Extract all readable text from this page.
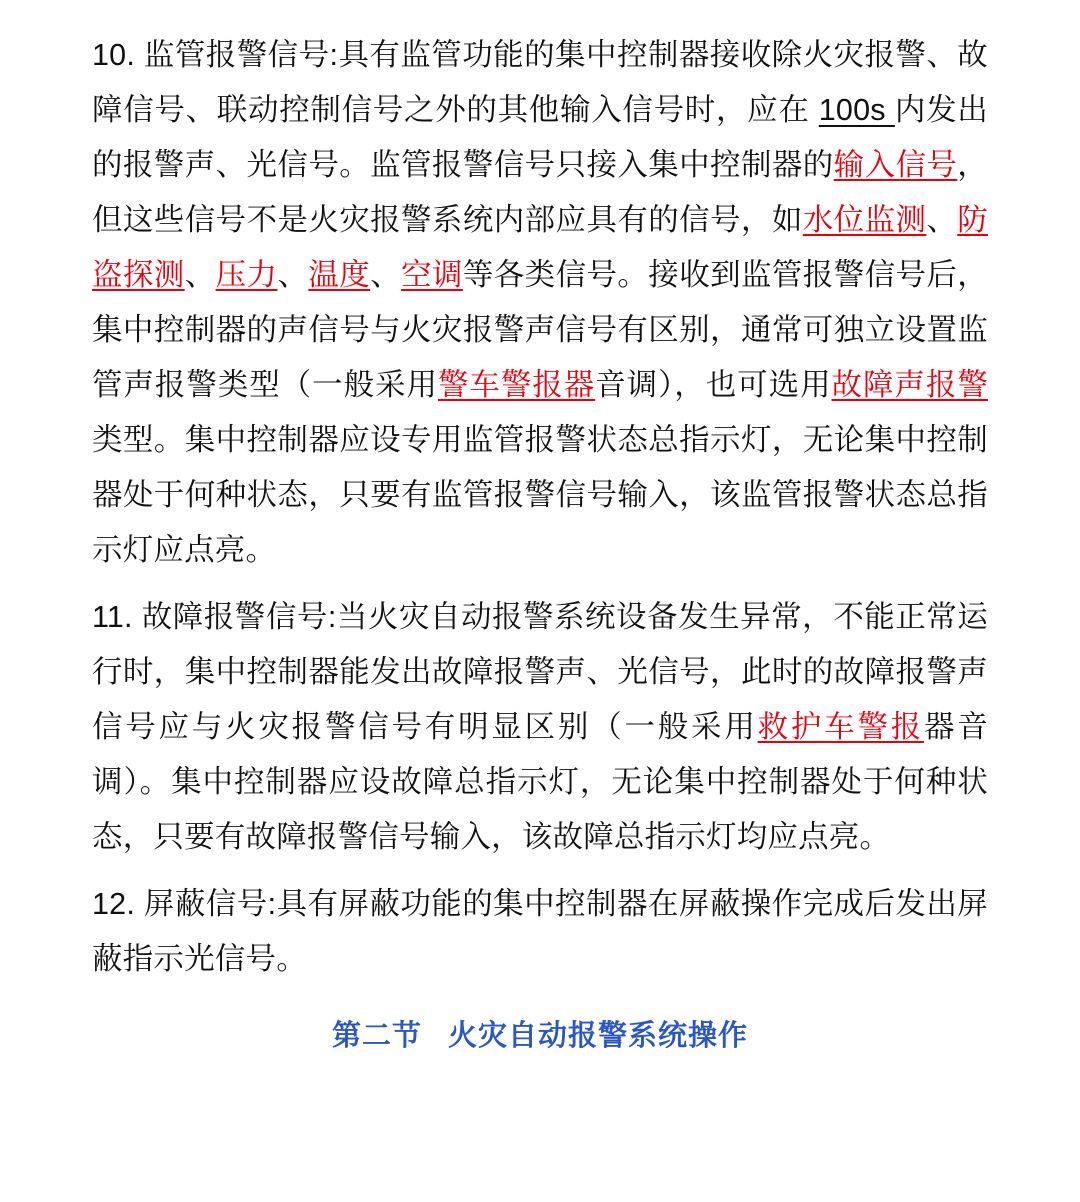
10. 监管报警信号:具有监管功能的集中控制器接收除火灾报警、故障信号、联动控制信号之外的其他输入信号时，应在 100s 内发出的报警声、光信号。监管报警信号只接入集中控制器的输入信号，但这些信号不是火灾报警系统内部应具有的信号，如水位监测、防盗探测、压力、温度、空调等各类信号。接收到监管报警信号后，集中控制器的声信号与火灾报警声信号有区别，通常可独立设置监管声报警类型（一般采用警车警报器音调），也可选用故障声报警类型。集中控制器应设专用监管报警状态总指示灯，无论集中控制器处于何种状态，只要有监管报警信号输入，该监管报警状态总指示灯应点亮。

11. 故障报警信号:当火灾自动报警系统设备发生异常，不能正常运行时，集中控制器能发出故障报警声、光信号，此时的故障报警声信号应与火灾报警信号有明显区别（一般采用救护车警报器音调）。集中控制器应设故障总指示灯，无论集中控制器处于何种状态，只要有故障报警信号输入，该故障总指示灯均应点亮。

12. 屏蔽信号:具有屏蔽功能的集中控制器在屏蔽操作完成后发出屏蔽指示光信号。

第二节 火灾自动报警系统操作
